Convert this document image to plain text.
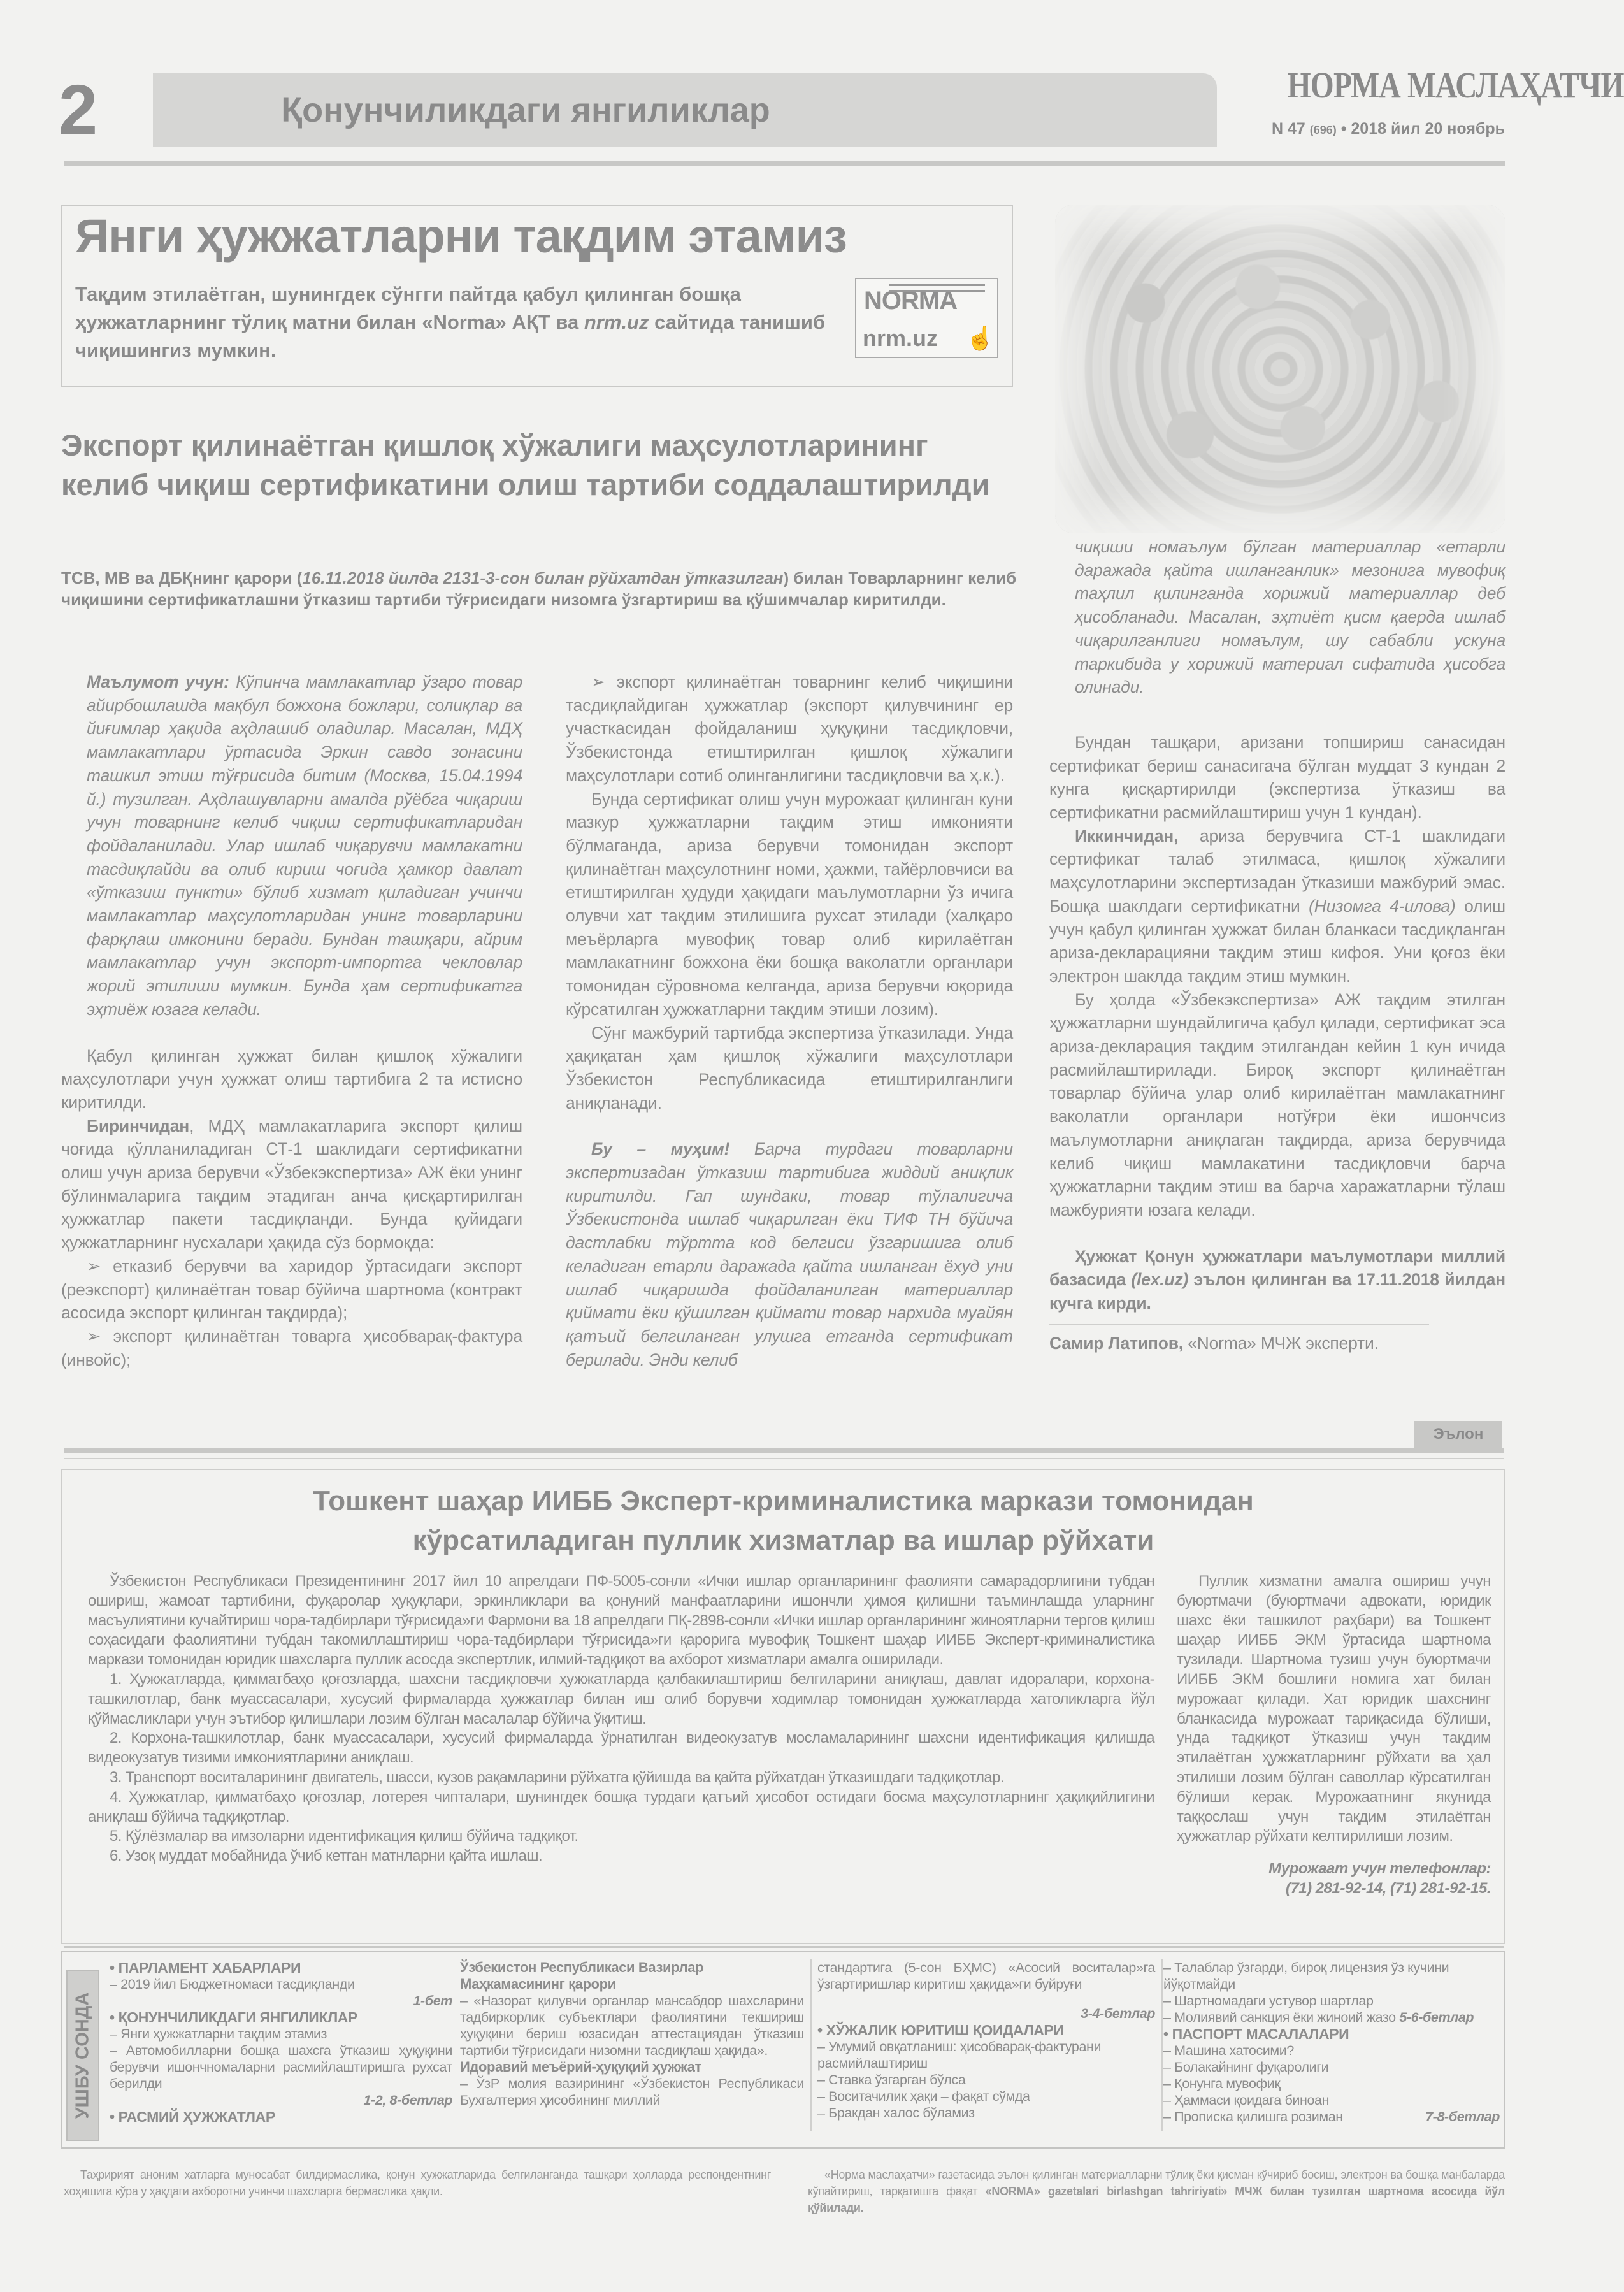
2	Қонунчиликдаги янгиликлар
НОРМА МАСЛАҲАТЧИ
N 47 (696) • 2018 йил 20 ноябрь
Янги ҳужжатларни тақдим этамиз
Тақдим этилаётган, шунингдек сўнгги пайтда қабул қилинган бошқа ҳужжатларнинг тўлиқ матни билан «Norma» АҚТ ва nrm.uz сайтида танишиб чиқишингиз мумкин.
NORMA
nrm.uz ☝
Экспорт қилинаётган қишлоқ хўжалиги маҳсулотларининг келиб чиқиш сертификатини олиш тартиби соддалаштирилди
ТСВ, МВ ва ДБҚнинг қарори (16.11.2018 йилда 2131-3-сон билан рўйхатдан ўтказилган) билан Товарларнинг келиб чиқишини сертификатлашни ўтказиш тартиби тўғрисидаги низомга ўзгартириш ва қўшимчалар киритилди.

Маълумот учун: Кўпинча мамлакатлар ўзаро товар айирбошлашда мақбул божхона божлари, солиқлар ва йиғимлар ҳақида аҳдлашиб оладилар. Масалан, МДҲ мамлакатлари ўртасида Эркин савдо зонасини ташкил этиш тўғрисида битим (Москва, 15.04.1994 й.) тузилган. Аҳдлашувларни амалда рўёбга чиқариш учун товарнинг келиб чиқиш сертификатларидан фойдаланилади. Улар ишлаб чиқарувчи мамлакатни тасдиқлайди ва олиб кириш чоғида ҳамкор давлат «ўтказиш пункти» бўлиб хизмат қиладиган учинчи мамлакатлар маҳсулотларидан унинг товарларини фарқлаш имконини беради. Бундан ташқари, айрим мамлакатлар учун экспорт-импортга чекловлар жорий этилиши мумкин. Бунда ҳам сертификатга эҳтиёж юзага келади.

Қабул қилинган ҳужжат билан қишлоқ хўжалиги маҳсулотлари учун ҳужжат олиш тартибига 2 та истисно киритилди.

Биринчидан, МДҲ мамлакатларига экспорт қилиш чоғида қўлланиладиган СТ-1 шаклидаги сертификатни олиш учун ариза берувчи «Ўзбекэкспертиза» АЖ ёки унинг бўлинмаларига тақдим этадиган анча қисқартирилган ҳужжатлар пакети тасдиқланди. Бунда қуйидаги ҳужжатларнинг нусхалари ҳақида сўз бормоқда:

➢ етказиб берувчи ва харидор ўртасидаги экспорт (реэкспорт) қилинаётган товар бўйича шартнома (контракт асосида экспорт қилинган тақдирда);

➢ экспорт қилинаётган товарга ҳисобварақ-фактура (инвойс);

➢ экспорт қилинаётган товарнинг келиб чиқишини тасдиқлайдиган ҳужжатлар (экспорт қилувчининг ер участкасидан фойдаланиш ҳуқуқини тасдиқловчи, Ўзбекистонда етиштирилган қишлоқ хўжалиги маҳсулотлари сотиб олинганлигини тасдиқловчи ва ҳ.к.).

Бунда сертификат олиш учун мурожаат қилинган куни мазкур ҳужжатларни тақдим этиш имконияти бўлмаганда, ариза берувчи томонидан экспорт қилинаётган маҳсулотнинг номи, ҳажми, тайёрловчиси ва етиштирилган ҳудуди ҳақидаги маълумотларни ўз ичига олувчи хат тақдим этилишига рухсат этилади (халқаро меъёрларга мувофиқ товар олиб кирилаётган мамлакатнинг божхона ёки бошқа ваколатли органлари томонидан сўровнома келганда, ариза берувчи юқорида кўрсатилган ҳужжатларни тақдим этиши лозим).

Сўнг мажбурий тартибда экспертиза ўтказилади. Унда ҳақиқатан ҳам қишлоқ хўжалиги маҳсулотлари Ўзбекистон Республикасида етиштирилганлиги аниқланади.

Бу – муҳим! Барча турдаги товарларни экспертизадан ўтказиш тартибига жиддий аниқлик киритилди. Гап шундаки, товар тўлалигича Ўзбекистонда ишлаб чиқарилган ёки ТИФ ТН бўйича дастлабки тўртта код белгиси ўзгаришига олиб келадиган етарли даражада қайта ишланган ёхуд уни ишлаб чиқаришда фойдаланилган материаллар қиймати ёки қўшилган қиймати товар нархида муайян қатъий белгиланган улушга етганда сертификат берилади. Энди келиб

чиқиши номаълум бўлган материаллар «етарли даражада қайта ишланганлик» мезонига мувофиқ таҳлил қилинганда хорижий материаллар деб ҳисобланади. Масалан, эҳтиёт қисм қаерда ишлаб чиқарилганлиги номаълум, шу сабабли ускуна таркибида у хорижий материал сифатида ҳисобга олинади.

Бундан ташқари, аризани топшириш санасидан сертификат бериш санасигача бўлган муддат 3 кундан 2 кунга қисқартирилди (экспертиза ўтказиш ва сертификатни расмийлаштириш учун 1 кундан).

Иккинчидан, ариза берувчига СТ-1 шаклидаги сертификат талаб этилмаса, қишлоқ хўжалиги маҳсулотларини экспертизадан ўтказиши мажбурий эмас. Бошқа шаклдаги сертификатни (Низомга 4-илова) олиш учун қабул қилинган ҳужжат билан бланкаси тасдиқланган ариза-декларацияни тақдим этиш кифоя. Уни қоғоз ёки электрон шаклда тақдим этиш мумкин.

Бу ҳолда «Ўзбекэкспертиза» АЖ тақдим этилган ҳужжатларни шундайлигича қабул қилади, сертификат эса ариза-декларация тақдим этилгандан кейин 1 кун ичида расмийлаштирилади. Бироқ экспорт қилинаётган товарлар бўйича улар олиб кирилаётган мамлакатнинг ваколатли органлари нотўғри ёки ишончсиз маълумотларни аниқлаган тақдирда, ариза берувчида келиб чиқиш мамлакатини тасдиқловчи барча ҳужжатларни тақдим этиш ва барча харажатларни тўлаш мажбурияти юзага келади.

Ҳужжат Қонун ҳужжатлари маълумотлари миллий базасида (lex.uz) эълон қилинган ва 17.11.2018 йилдан кучга кирди.

Самир Латипов, «Norma» МЧЖ эксперти.

Эълон
Тошкент шаҳар ИИББ Эксперт-криминалистика маркази томонидан
кўрсатиладиган пуллик хизматлар ва ишлар рўйхати

Ўзбекистон Республикаси Президентининг 2017 йил 10 апрелдаги ПФ-5005-сонли «Ички ишлар органларининг фаолияти самарадорлигини тубдан ошириш, жамоат тартибини, фуқаролар ҳуқуқлари, эркинликлари ва қонуний манфаатларини ишончли ҳимоя қилишни таъминлашда уларнинг масъулиятини кучайтириш чора-тадбирлари тўғрисида»ги Фармони ва 18 апрелдаги ПҚ-2898-сонли «Ички ишлар органларининг жиноятларни тергов қилиш соҳасидаги фаолиятини тубдан такомиллаштириш чора-тадбирлари тўғрисида»ги қарорига мувофиқ Тошкент шаҳар ИИББ Эксперт-криминалистика маркази томонидан юридик шахсларга пуллик асосда экспертлик, илмий-тадқиқот ва ахборот хизматлари амалга оширилади.

1. Ҳужжатларда, қимматбаҳо қоғозларда, шахсни тасдиқловчи ҳужжатларда қалбакилаштириш белгиларини аниқлаш, давлат идоралари, корхона-ташкилотлар, банк муассасалари, хусусий фирмаларда ҳужжатлар билан иш олиб борувчи ходимлар томонидан ҳужжатларда хатоликларга йўл қўймасликлари учун эътибор қилишлари лозим бўлган масалалар бўйича ўқитиш.

2. Корхона-ташкилотлар, банк муассасалари, хусусий фирмаларда ўрнатилган видеокузатув мосламаларининг шахсни идентификация қилишда видеокузатув тизими имкониятларини аниқлаш.

3. Транспорт воситаларининг двигатель, шасси, кузов рақамларини рўйхатга қўйишда ва қайта рўйхатдан ўтказишдаги тадқиқотлар.

4. Ҳужжатлар, қимматбаҳо қоғозлар, лотерея чипталари, шунингдек бошқа турдаги қатъий ҳисобот остидаги босма маҳсулотларнинг ҳақиқийлигини аниқлаш бўйича тадқиқотлар.

5. Қўлёзмалар ва имзоларни идентификация қилиш бўйича тадқиқот.

6. Узоқ муддат мобайнида ўчиб кетган матнларни қайта ишлаш.

Пуллик хизматни амалга ошириш учун буюртмачи (буюртмачи адвокати, юридик шахс ёки ташкилот раҳбари) ва Тошкент шаҳар ИИББ ЭКМ ўртасида шартнома тузилади. Шартнома тузиш учун буюртмачи ИИББ ЭКМ бошлиғи номига хат билан мурожаат қилади. Хат юридик шахснинг бланкасида мурожаат тариқасида бўлиши, унда тадқиқот ўтказиш учун тақдим этилаётган ҳужжатларнинг рўйхати ва ҳал этилиши лозим бўлган саволлар кўрсатилган бўлиши керак. Мурожаатнинг якунида таққослаш учун тақдим этилаётган ҳужжатлар рўйхати келтирилиши лозим.

Мурожаат учун телефонлар:

(71) 281-92-14, (71) 281-92-15.

УШБУ СОНДА
• ПАРЛАМЕНТ ХАБАРЛАРИ
– 2019 йил Бюджетномаси тасдиқланди
1-бет
• ҚОНУНЧИЛИКДАГИ ЯНГИЛИКЛАР
– Янги ҳужжатларни тақдим этамиз
– Автомобилларни бошқа шахсга ўтказиш ҳуқуқини берувчи ишончномаларни расмийлаштиришга рухсат берилди
1-2, 8-бетлар
• РАСМИЙ ҲУЖЖАТЛАР
Ўзбекистон Республикаси Вазирлар Маҳкамасининг қарори
– «Назорат қилувчи органлар мансабдор шахсларини тадбиркорлик субъектлари фаолиятини текшириш ҳуқуқини бериш юзасидан аттестациядан ўтказиш тартиби тўғрисидаги низомни тасдиқлаш ҳақида».
Идоравий меъёрий-ҳуқуқий ҳужжат
– ЎзР молия вазирининг «Ўзбекистон Республикаси Бухгалтерия ҳисобининг миллий
стандартига (5-сон БҲМС) «Асосий воситалар»га ўзгартиришлар киритиш ҳақида»ги буйруғи
3-4-бетлар
• ХЎЖАЛИК ЮРИТИШ ҚОИДАЛАРИ
– Умумий овқатланиш: ҳисобварақ-фактурани расмийлаштириш
– Ставка ўзгарган бўлса
– Воситачилик ҳақи – фақат сўмда
– Бракдан халос бўламиз
– Талаблар ўзгарди, бироқ лицензия ўз кучини йўқотмайди
– Шартномадаги устувор шартлар
– Молиявий санкция ёки жиноий жазо 5-6-бетлар
• ПАСПОРТ МАСАЛАЛАРИ
– Машина хатосими?
– Болакайнинг фуқаролиги
– Қонунга мувофиқ
– Ҳаммаси қоидага биноан
– Прописка қилишга розиман	7-8-бетлар

Таҳририят аноним хатларга муносабат билдирмаслика, қонун ҳужжатларида белгиланганда ташқари ҳолларда респондентнинг хоҳишига кўра у ҳақдаги ахборотни учинчи шахсларга бермаслика ҳақли.

«Норма маслаҳатчи» газетасида эълон қилинган материалларни тўлиқ ёки қисман кўчириб босиш, электрон ва бошқа манбаларда кўпайтириш, тарқатишга фақат «NORMA» gazetalari birlashgan tahririyati» МЧЖ билан тузилган шартнома асосида йўл қўйилади.
